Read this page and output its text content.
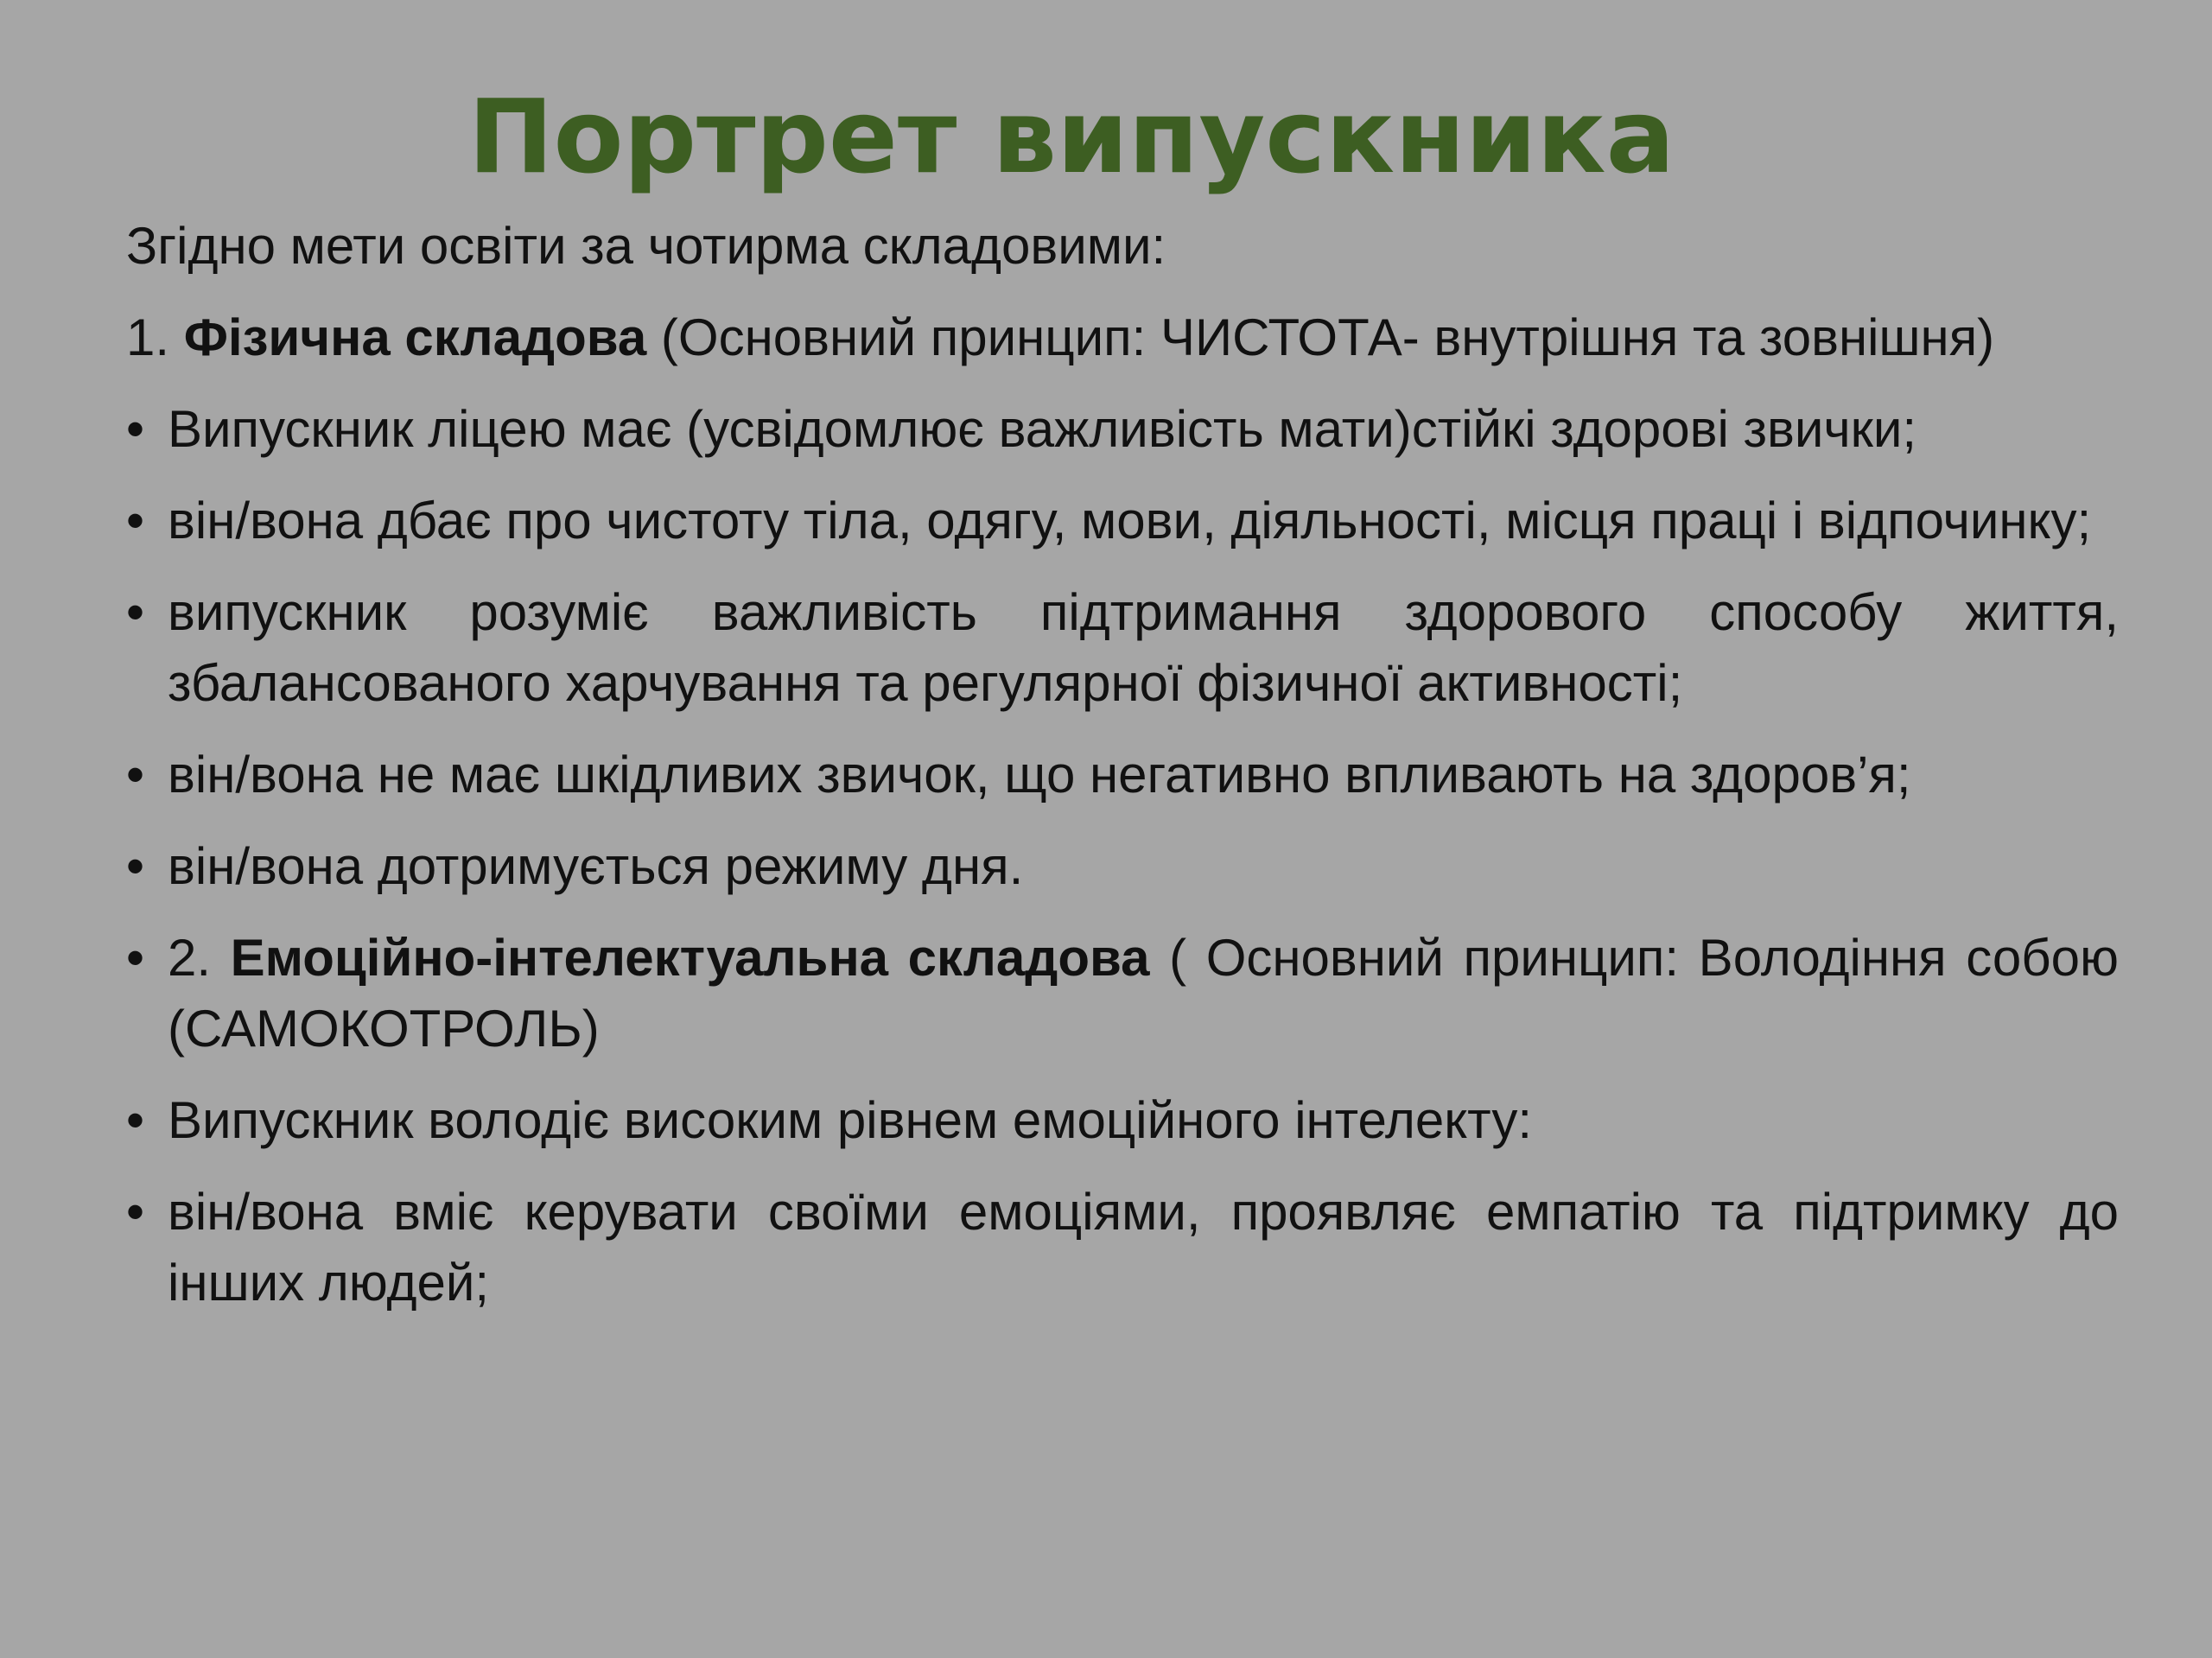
Портрет випускника

Згідно мети освіти за чотирма складовими:

1. Фізична складова (Основний принцип: ЧИСТОТА- внутрішня та зовнішня)

• Випускник ліцею має (усвідомлює важливість мати)стійкі здорові звички;

• він/вона дбає про чистоту тіла, одягу, мови, діяльності, місця праці і відпочинку;

• випускник розуміє важливість підтримання здорового способу життя, збалансованого харчування та регулярної фізичної активності;

• він/вона не має шкідливих звичок, що негативно впливають на здоров’я;

• він/вона дотримується режиму дня.

• 2. Емоційно-інтелектуальна складова ( Основний принцип: Володіння собою (САМОКОТРОЛЬ)

• Випускник володіє високим рівнем емоційного інтелекту:

• він/вона вміє керувати своїми емоціями, проявляє емпатію та підтримку до інших людей;
